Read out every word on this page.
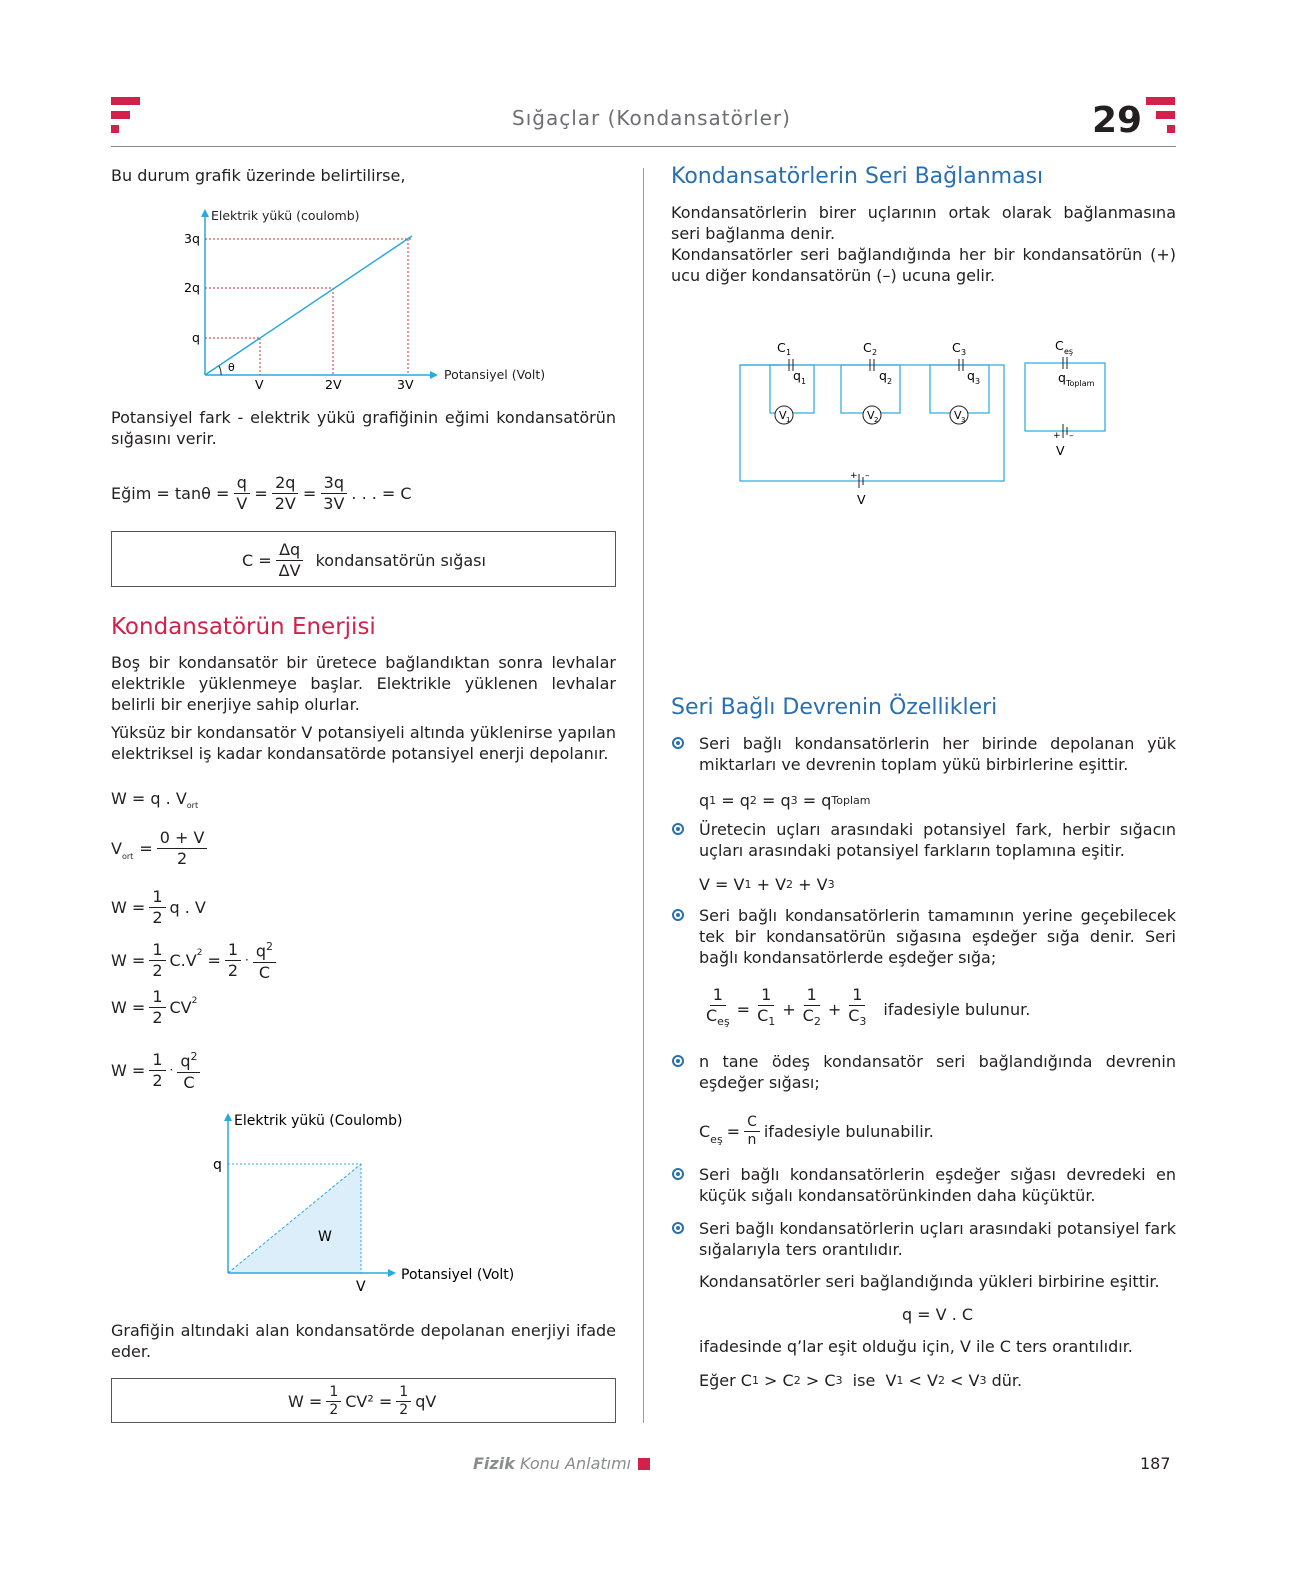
Sığaçlar (Kondansatörler)	29
Bu durum grafik üzerinde belirtilirse,
Elektrik yükü (coulomb)
Potansiyel (Volt)
3q
2q
q
V	2V	3V
θ
Potansiyel fark - elektrik yükü grafiğinin eğimi kondansatörün sığasını verir.
Eğim = $\tan\theta = \frac{q}{V} = \frac{2q}{2V} = \frac{3q}{3V}$ . . . = C
$C = \frac{\Delta q}{\Delta V}$ kondansatörün sığası
Kondansatörün Enerjisi
Boş bir kondansatör bir üretece bağlandıktan sonra levhalar elektrikle yüklenmeye başlar. Elektrikle yüklenen levhalar belirli bir enerjiye sahip olurlar.
Yüksüz bir kondansatör V potansiyeli altında yüklenirse yapılan elektriksel iş kadar kondansatörde potansiyel enerji depolanır.
W = q . $V_{ort}$
$V_{ort} = \frac{0 + V}{2}$
$W = \frac{1}{2}$ q . V
$W = \frac{1}{2} C.V^2 = \frac{1}{2} \cdot \frac{q^2}{C}$
$W = \frac{1}{2} CV^2$
$W = \frac{1}{2} \cdot \frac{q^2}{C}$
Elektrik yükü (Coulomb)
Potansiyel (Volt)
q
V
W
Grafiğin altındaki alan kondansatörde depolanan enerjiyi ifade eder.
$W = \frac{1}{2} CV^2 = \frac{1}{2}$ qV
Kondansatörlerin Seri Bağlanması
Kondansatörlerin birer uçlarının ortak olarak bağlanmasına seri bağlanma denir.
Kondansatörler seri bağlandığında her bir kondansatörün (+) ucu diğer kondansatörün (–) ucuna gelir.
C 1	C 2	C 3
q 1	q 2	q 3
V 1	V 2	V 3
C eş
q Toplam
+ –
V
+ –
V
Seri Bağlı Devrenin Özellikleri
Seri bağlı kondansatörlerin her birinde depolanan yük miktarları ve devrenin toplam yükü birbirlerine eşittir.
q 1
=
q 2
=
q 3
=
q Toplam
Üretecin uçları arasındaki potansiyel fark, herbir sığacın uçları arasındaki potansiyel farkların toplamına eşitir.
V
=
V 1
+
V 2
+
V 3
Seri bağlı kondansatörlerin tamamının yerine geçebilecek tek bir kondansatörün sığasına eşdeğer sığa denir. Seri bağlı kondansatörlerde eşdeğer sığa;
$\frac{1}{C_{eş}} = \frac{1}{C_1} + \frac{1}{C_2} + \frac{1}{C_3}$ ifadesiyle bulunur.
n tane ödeş kondansatör seri bağlandığında devrenin eşdeğer sığası;
$C_{eş} = \frac{C}{n}$ ifadesiyle bulunabilir.
Seri bağlı kondansatörlerin eşdeğer sığası devredeki en küçük sığalı kondansatörünkinden daha küçüktür.
Seri bağlı kondansatörlerin uçları arasındaki potansiyel fark sığalarıyla ters orantılıdır.
Kondansatörler seri bağlandığında yükleri birbirine eşittir.
q = V . C
ifadesinde q’lar eşit olduğu için, V ile C ters orantılıdır.
Eğer
C 1
>
C 2
>
C 3
ise
V 1
<
V 2
<
V 3
dür.
Fizik Konu Anlatımı	187
